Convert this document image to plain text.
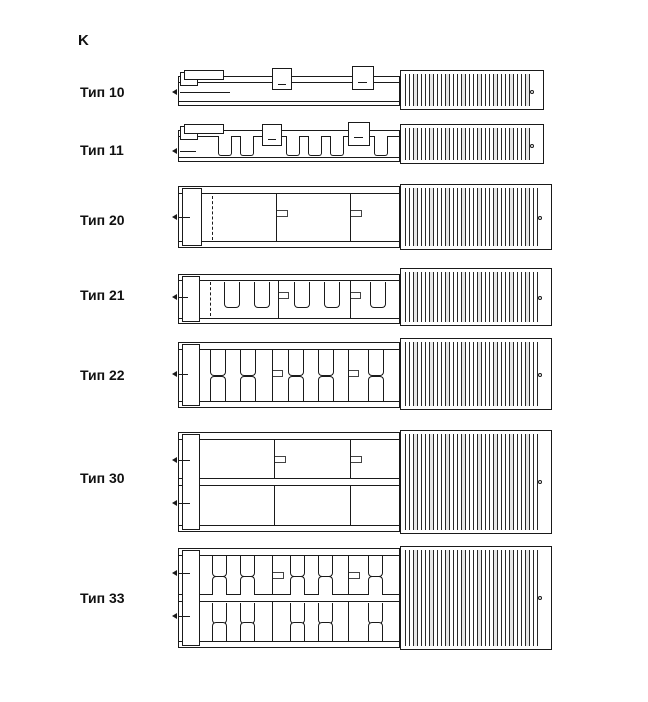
K
Тип 10
Тип 11
Тип 20
Тип 21
Тип 22
Тип 30
Тип 33
